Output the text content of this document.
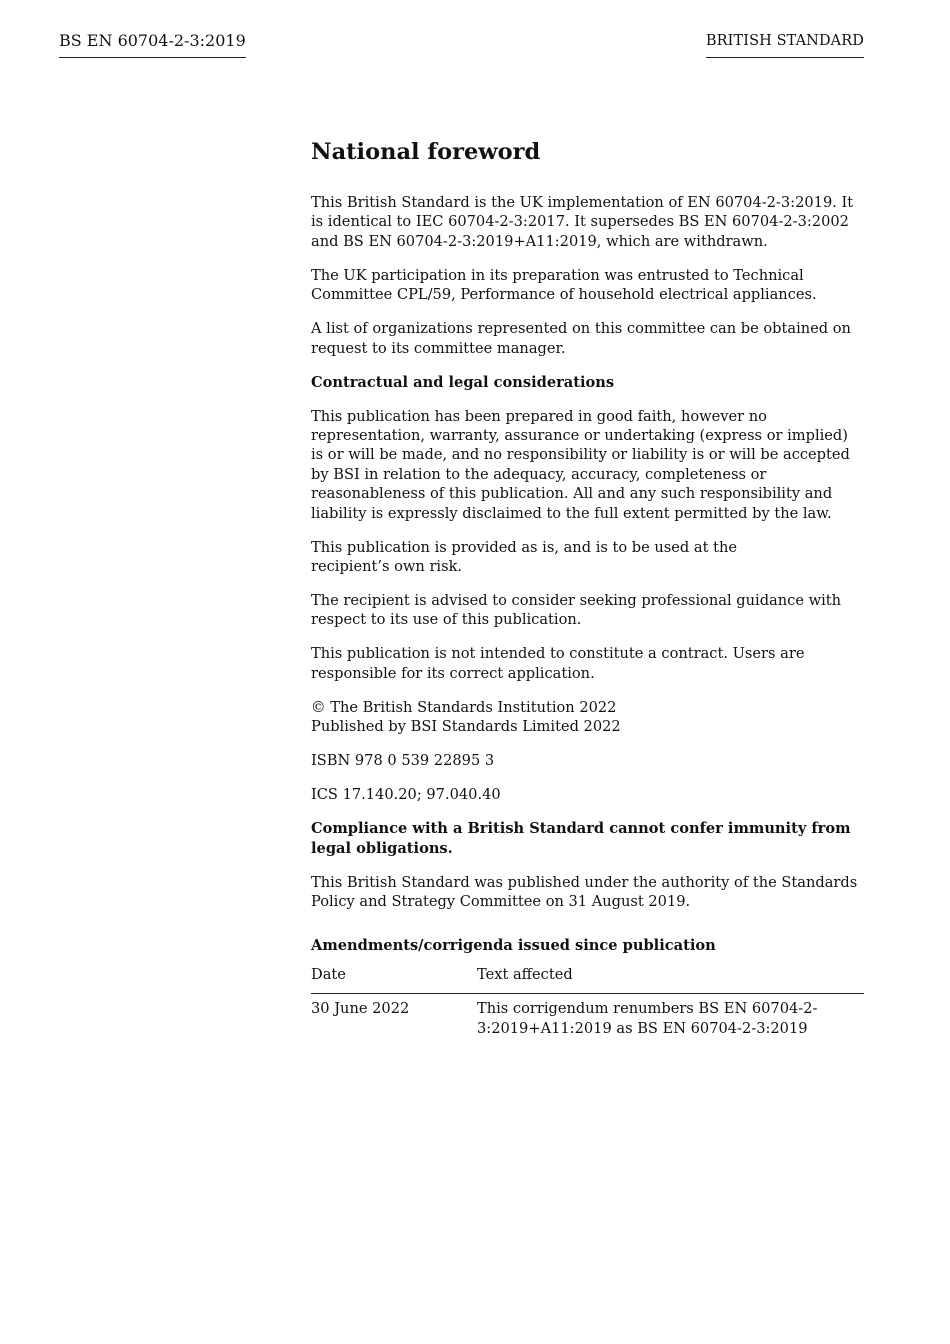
BS EN 60704-2-3:2019	BRITISH STANDARD
National foreword

This British Standard is the UK implementation of EN 60704-2-3:2019. It is identical to IEC 60704-2-3:2017. It supersedes BS EN 60704-2-3:2002 and BS EN 60704-2-3:2019+A11:2019, which are withdrawn.

The UK participation in its preparation was entrusted to Technical Committee CPL/59, Performance of household electrical appliances.

A list of organizations represented on this committee can be obtained on request to its committee manager.

Contractual and legal considerations

This publication has been prepared in good faith, however no representation, warranty, assurance or undertaking (express or implied) is or will be made, and no responsibility or liability is or will be accepted by BSI in relation to the adequacy, accuracy, completeness or reasonableness of this publication. All and any such responsibility and liability is expressly disclaimed to the full extent permitted by the law.

This publication is provided as is, and is to be used at the
recipient’s own risk.

The recipient is advised to consider seeking professional guidance with respect to its use of this publication.

This publication is not intended to constitute a contract. Users are responsible for its correct application.

© The British Standards Institution 2022
Published by BSI Standards Limited 2022

ISBN 978 0 539 22895 3

ICS 17.140.20; 97.040.40

Compliance with a British Standard cannot confer immunity from legal obligations.

This British Standard was published under the authority of the Standards Policy and Strategy Committee on 31 August 2019.

Amendments/corrigenda issued since publication
Date	Text affected
30 June 2022	This corrigendum renumbers BS EN 60704-2-3:2019+A11:2019 as BS EN 60704-2-3:2019
